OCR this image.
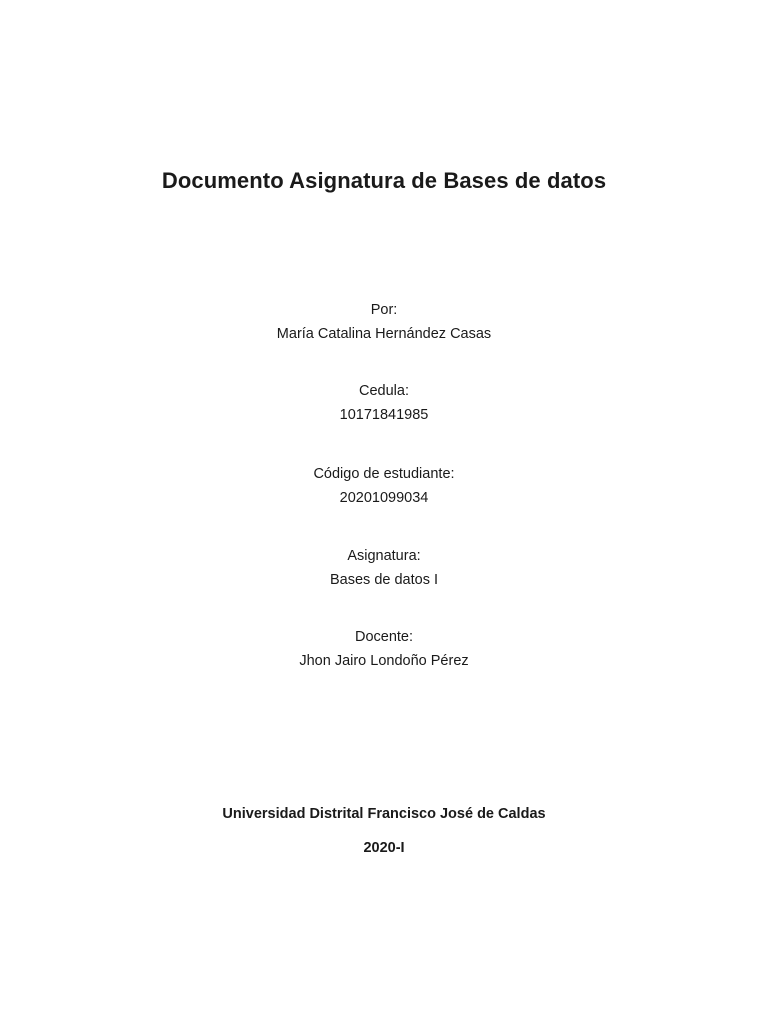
Documento Asignatura de Bases de datos
Por:
María Catalina Hernández Casas
Cedula:
10171841985
Código de estudiante:
20201099034
Asignatura:
Bases de datos I
Docente:
Jhon Jairo Londoño Pérez
Universidad Distrital Francisco José de Caldas
2020-I
